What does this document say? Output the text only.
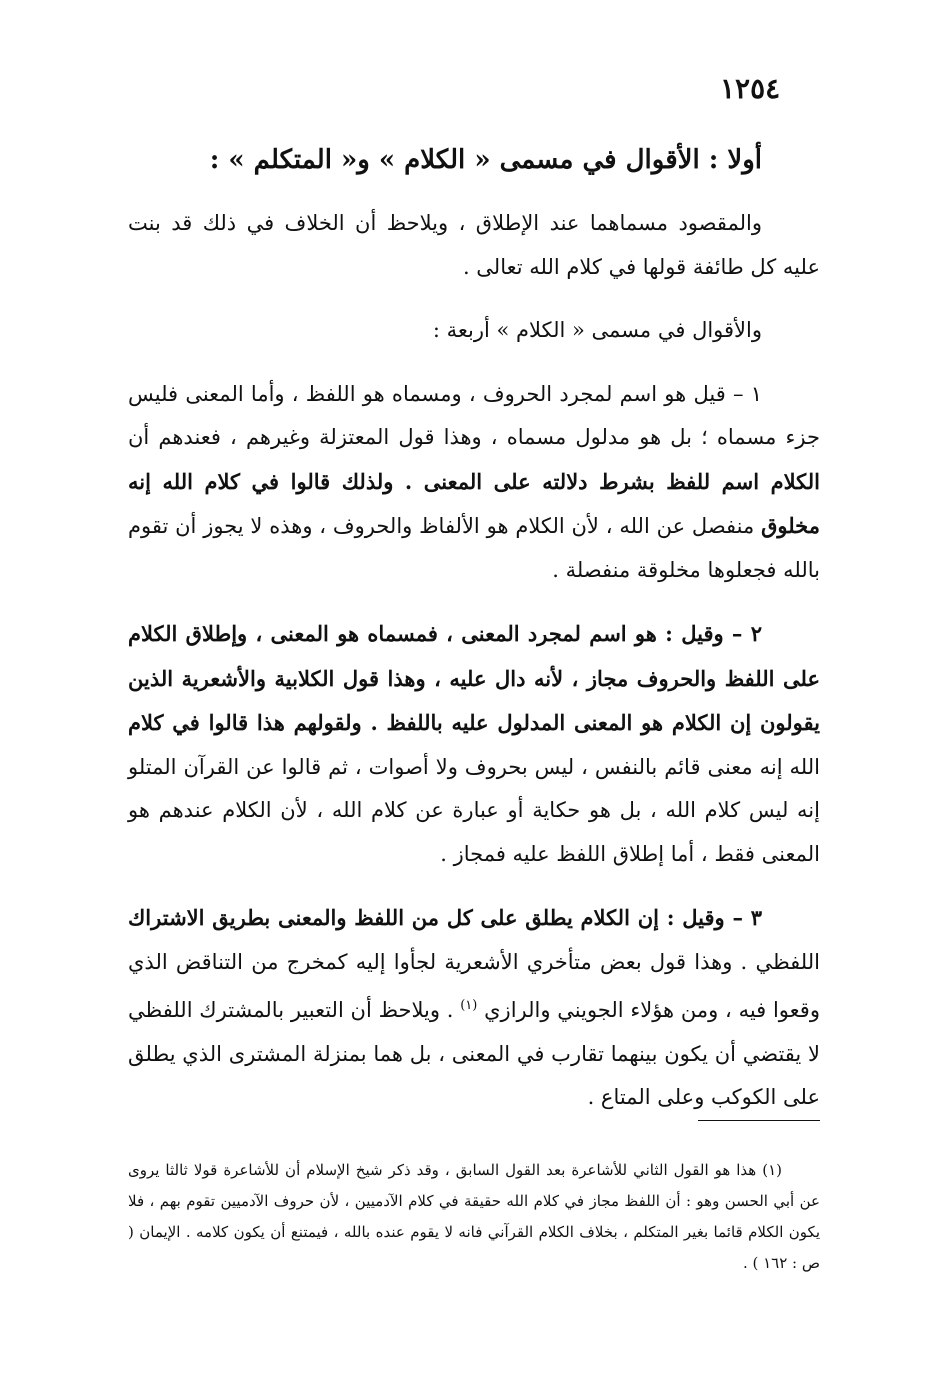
١٢٥٤

أولا : الأقوال في مسمى « الكلام » و« المتكلم » :

والمقصود مسماهما عند الإطلاق ، ويلاحظ أن الخلاف في ذلك قد بنت عليه كل طائفة قولها في كلام الله تعالى .

والأقوال في مسمى « الكلام » أربعة :

١ – قيل هو اسم لمجرد الحروف ، ومسماه هو اللفظ ، وأما المعنى فليس جزء مسماه ؛ بل هو مدلول مسماه ، وهذا قول المعتزلة وغيرهم ، فعندهم أن الكلام اسم للفظ بشرط دلالته على المعنى . ولذلك قالوا في كلام الله إنه مخلوق منفصل عن الله ، لأن الكلام هو الألفاظ والحروف ، وهذه لا يجوز أن تقوم بالله فجعلوها مخلوقة منفصلة .

٢ – وقيل : هو اسم لمجرد المعنى ، فمسماه هو المعنى ، وإطلاق الكلام على اللفظ والحروف مجاز ، لأنه دال عليه ، وهذا قول الكلابية والأشعرية الذين يقولون إن الكلام هو المعنى المدلول عليه باللفظ . ولقولهم هذا قالوا في كلام الله إنه معنى قائم بالنفس ، ليس بحروف ولا أصوات ، ثم قالوا عن القرآن المتلو إنه ليس كلام الله ، بل هو حكاية أو عبارة عن كلام الله ، لأن الكلام عندهم هو المعنى فقط ، أما إطلاق اللفظ عليه فمجاز .

٣ – وقيل : إن الكلام يطلق على كل من اللفظ والمعنى بطريق الاشتراك اللفظي . وهذا قول بعض متأخري الأشعرية لجأوا إليه كمخرج من التناقض الذي وقعوا فيه ، ومن هؤلاء الجويني والرازي $^{(١)}$ . ويلاحظ أن التعبير بالمشترك اللفظي لا يقتضي أن يكون بينهما تقارب في المعنى ، بل هما بمنزلة المشترى الذي يطلق على الكوكب وعلى المتاع .

(١) هذا هو القول الثاني للأشاعرة بعد القول السابق ، وقد ذكر شيخ الإسلام أن للأشاعرة قولا ثالثا يروى عن أبي الحسن وهو : أن اللفظ مجاز في كلام الله حقيقة في كلام الآدميين ، لأن حروف الآدميين تقوم بهم ، فلا يكون الكلام قائما بغير المتكلم ، بخلاف الكلام القرآني فانه لا يقوم عنده بالله ، فيمتنع أن يكون كلامه . الإيمان ( ص : ١٦٢ ) .
